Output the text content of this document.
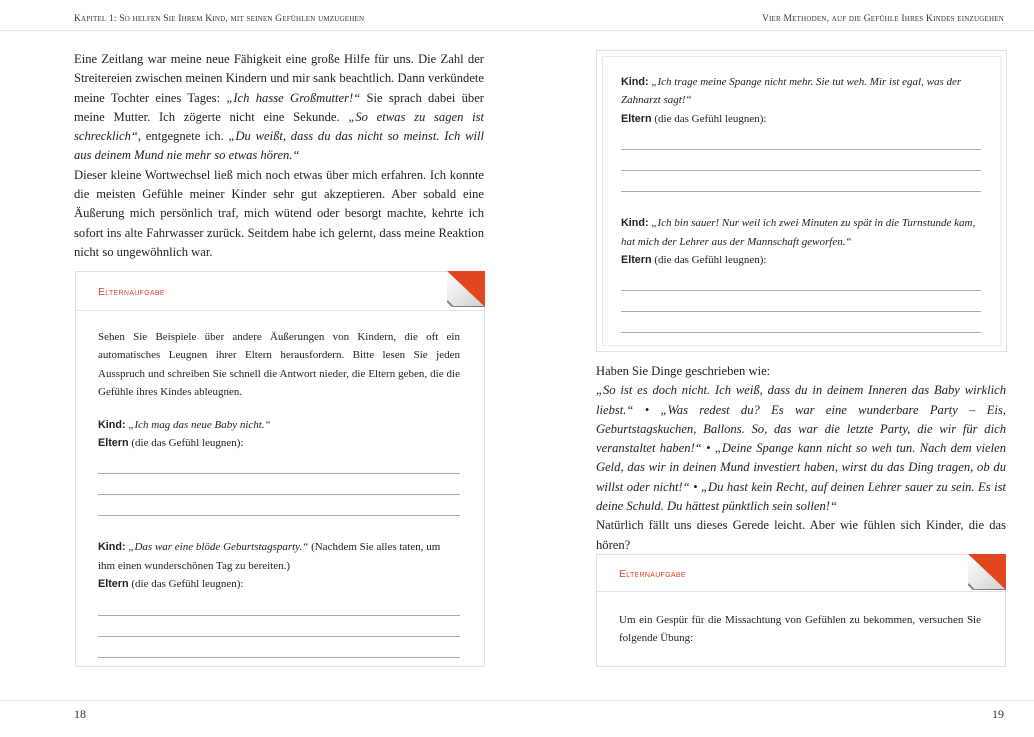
Kapitel 1: So helfen Sie Ihrem Kind, mit seinen Gefühlen umzugehen	Vier Methoden, auf die Gefühle Ihres Kindes einzugehen

Eine Zeitlang war meine neue Fähigkeit eine große Hilfe für uns. Die Zahl der Streitereien zwischen meinen Kindern und mir sank beachtlich. Dann verkündete meine Tochter eines Tages: „Ich hasse Großmutter!“ Sie sprach dabei über meine Mutter. Ich zögerte nicht eine Sekunde. „So etwas zu sagen ist schrecklich“, entgegnete ich. „Du weißt, dass du das nicht so meinst. Ich will aus deinem Mund nie mehr so etwas hören.“

Dieser kleine Wortwechsel ließ mich noch etwas über mich erfahren. Ich konnte die meisten Gefühle meiner Kinder sehr gut akzeptieren. Aber sobald eine Äußerung mich persönlich traf, mich wütend oder besorgt machte, kehrte ich sofort ins alte Fahrwasser zurück. Seitdem habe ich gelernt, dass meine Reaktion nicht so ungewöhnlich war.

Elternaufgabe
Sehen Sie Beispiele über andere Äußerungen von Kindern, die oft ein automatisches Leugnen ihrer Eltern herausfordern. Bitte lesen Sie jeden Ausspruch und schreiben Sie schnell die Antwort nieder, die Eltern geben, die die Gefühle ihres Kindes ableugnen.
Kind: „Ich mag das neue Baby nicht.“
Eltern (die das Gefühl leugnen):
Kind: „Das war eine blöde Geburtstagsparty.“ (Nachdem Sie alles taten, um ihm einen wunderschönen Tag zu bereiten.)
Eltern (die das Gefühl leugnen):
Kind: „Ich trage meine Spange nicht mehr. Sie tut weh. Mir ist egal, was der Zahnarzt sagt!“
Eltern (die das Gefühl leugnen):
Kind: „Ich bin sauer! Nur weil ich zwei Minuten zu spät in die Turnstunde kam, hat mich der Lehrer aus der Mannschaft geworfen.“
Eltern (die das Gefühl leugnen):

Haben Sie Dinge geschrieben wie:

„So ist es doch nicht. Ich weiß, dass du in deinem Inneren das Baby wirklich liebst.“ • „Was redest du? Es war eine wunderbare Party – Eis, Geburtstagskuchen, Ballons. So, das war die letzte Party, die wir für dich veranstaltet haben!“ • „Deine Spange kann nicht so weh tun. Nach dem vielen Geld, das wir in deinen Mund investiert haben, wirst du das Ding tragen, ob du willst oder nicht!“ • „Du hast kein Recht, auf deinen Lehrer sauer zu sein. Es ist deine Schuld. Du hättest pünktlich sein sollen!“

Natürlich fällt uns dieses Gerede leicht. Aber wie fühlen sich Kinder, die das hören?

Elternaufgabe
Um ein Gespür für die Missachtung von Gefühlen zu bekommen, versuchen Sie folgende Übung:
18	19
